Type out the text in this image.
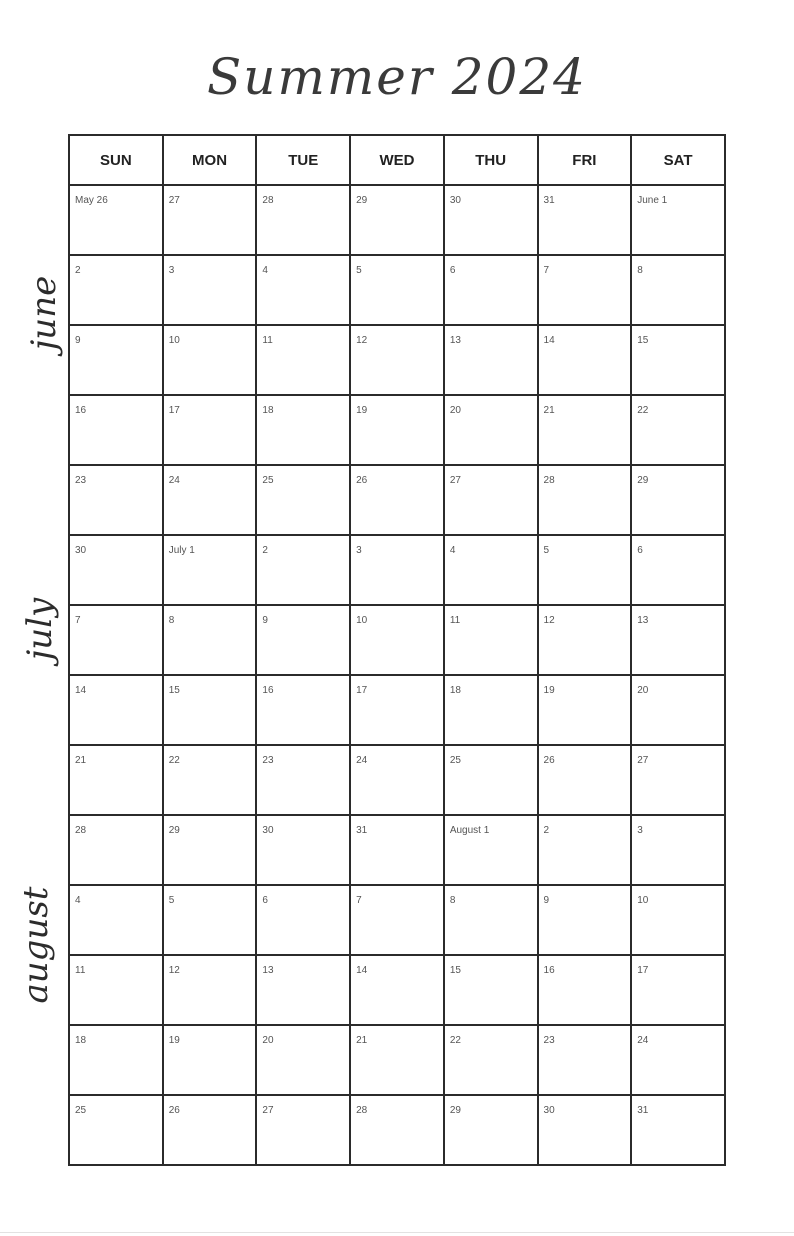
Summer 2024
june
july
august
SUN	MON	TUE	WED	THU	FRI	SAT

May 26	27	28	29	30	31	June 1

2	3	4	5	6	7	8

9	10	11	12	13	14	15

16	17	18	19	20	21	22

23	24	25	26	27	28	29

30	July 1	2	3	4	5	6

7	8	9	10	11	12	13

14	15	16	17	18	19	20

21	22	23	24	25	26	27

28	29	30	31	August 1	2	3

4	5	6	7	8	9	10

11	12	13	14	15	16	17

18	19	20	21	22	23	24

25	26	27	28	29	30	31
